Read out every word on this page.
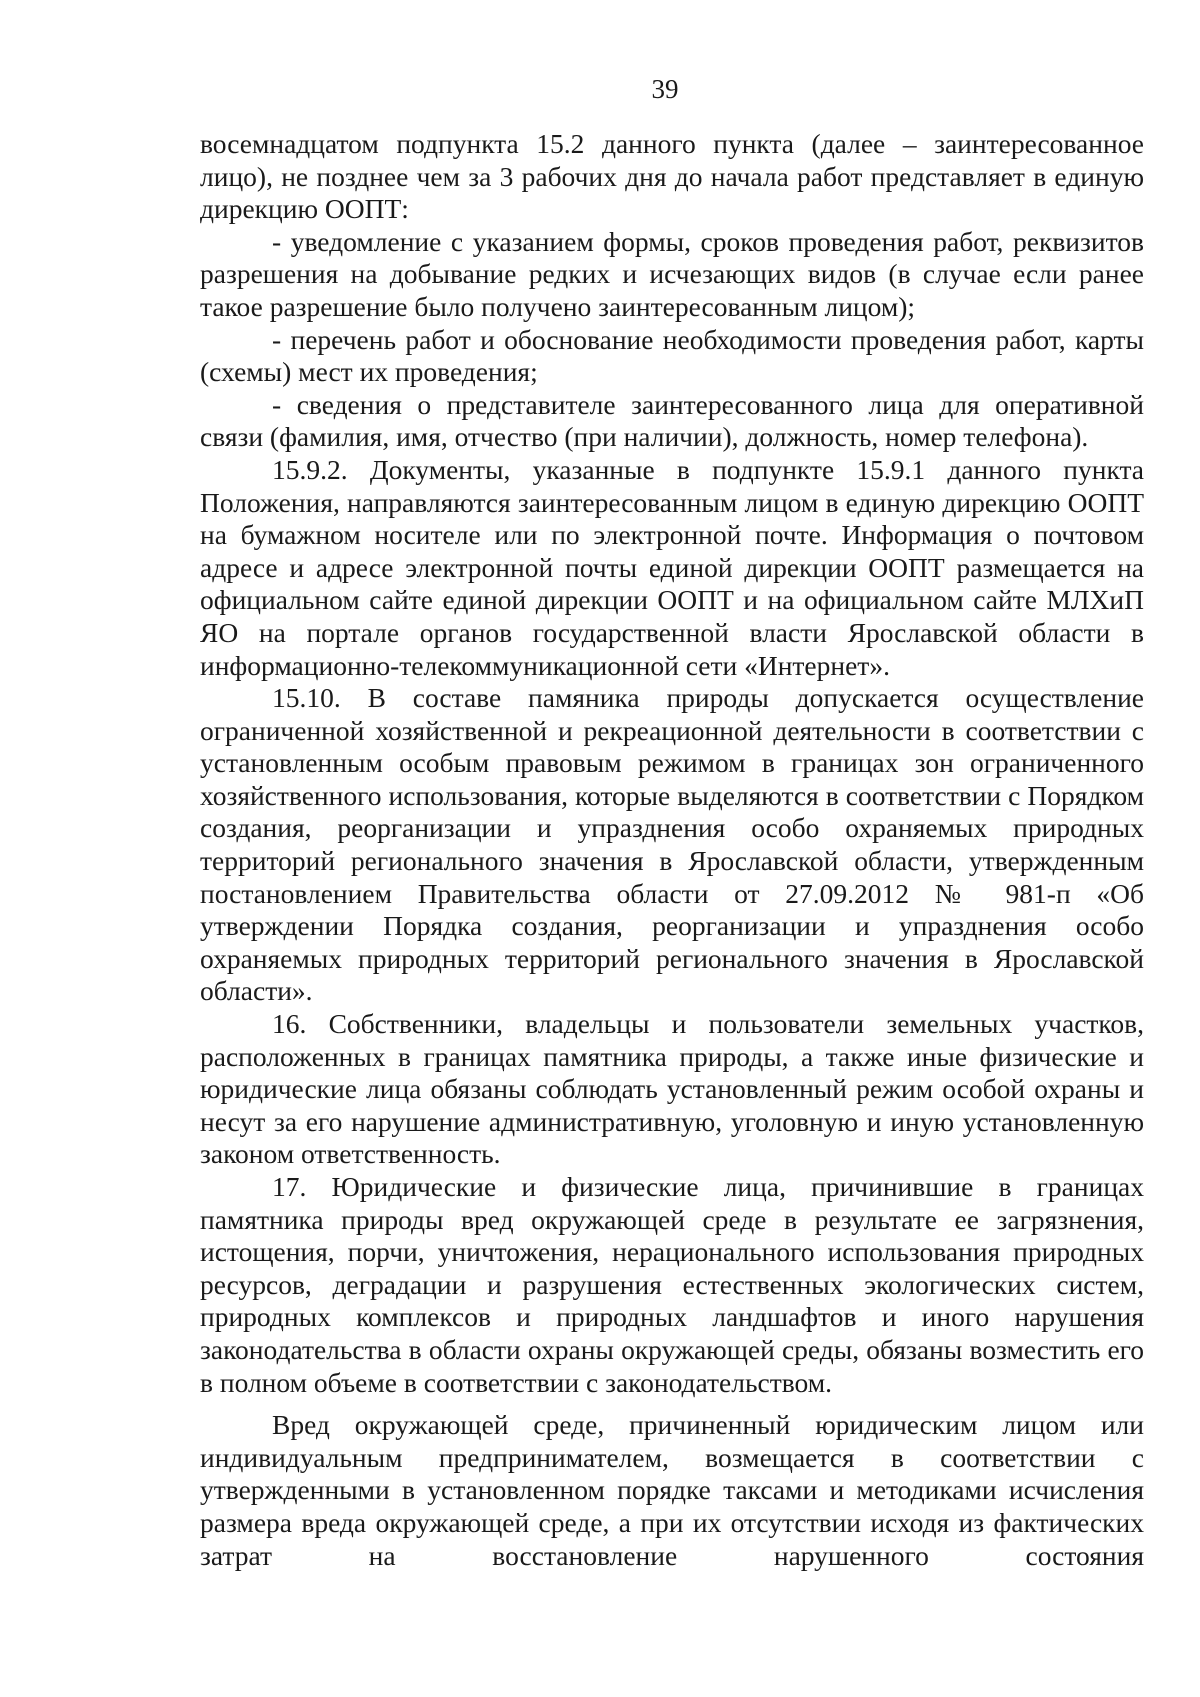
39

восемнадцатом подпункта 15.2 данного пункта (далее – заинтересованное лицо), не позднее чем за 3 рабочих дня до начала работ представляет в единую дирекцию ООПТ:

- уведомление с указанием формы, сроков проведения работ, реквизитов разрешения на добывание редких и исчезающих видов (в случае если ранее такое разрешение было получено заинтересованным лицом);

- перечень работ и обоснование необходимости проведения работ, карты (схемы) мест их проведения;

- сведения о представителе заинтересованного лица для оперативной связи (фамилия, имя, отчество (при наличии), должность, номер телефона).

15.9.2. Документы, указанные в подпункте 15.9.1 данного пункта Положения, направляются заинтересованным лицом в единую дирекцию ООПТ на бумажном носителе или по электронной почте. Информация о почтовом адресе и адресе электронной почты единой дирекции ООПТ размещается на официальном сайте единой дирекции ООПТ и на официальном сайте МЛХиП ЯО на портале органов государственной власти Ярославской области в информационно-телекоммуникационной сети «Интернет».

15.10. В составе памяника природы допускается осуществление ограниченной хозяйственной и рекреационной деятельности в соответствии с установленным особым правовым режимом в границах зон ограниченного хозяйственного использования, которые выделяются в соответствии с Порядком создания, реорганизации и упразднения особо охраняемых природных территорий регионального значения в Ярославской области, утвержденным постановлением Правительства области от 27.09.2012 № 981-п «Об утверждении Порядка создания, реорганизации и упразднения особо охраняемых природных территорий регионального значения в Ярославской области».

16. Собственники, владельцы и пользователи земельных участков, расположенных в границах памятника природы, а также иные физические и юридические лица обязаны соблюдать установленный режим особой охраны и несут за его нарушение административную, уголовную и иную установленную законом ответственность.

17. Юридические и физические лица, причинившие в границах памятника природы вред окружающей среде в результате ее загрязнения, истощения, порчи, уничтожения, нерационального использования природных ресурсов, деградации и разрушения естественных экологических систем, природных комплексов и природных ландшафтов и иного нарушения законодательства в области охраны окружающей среды, обязаны возместить его в полном объеме в соответствии с законодательством.

Вред окружающей среде, причиненный юридическим лицом или индивидуальным предпринимателем, возмещается в соответствии с утвержденными в установленном порядке таксами и методиками исчисления размера вреда окружающей среде, а при их отсутствии исходя из фактических затрат на восстановление нарушенного состояния
